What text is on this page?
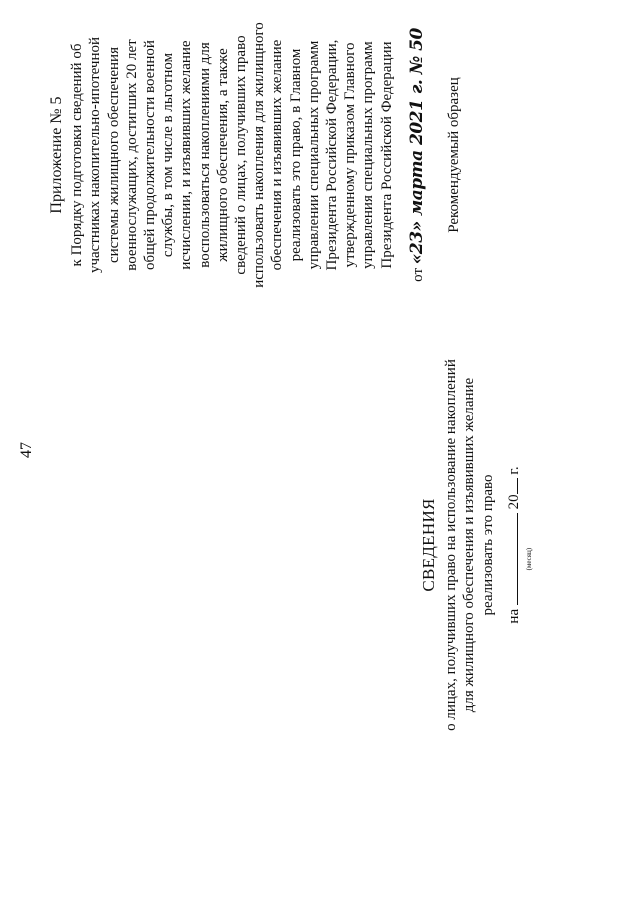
47
Приложение № 5 к Порядку подготовки сведений об участниках накопительно-ипотечной системы жилищного обеспечения военнослужащих, достигших 20 лет общей продолжительности военной службы, в том числе в льготном исчислении, и изъявивших желание воспользоваться накоплениями для жилищного обеспечения, а также сведений о лицах, получивших право использовать накопления для жилищного обеспечения и изъявивших желание реализовать это право, в Главном управлении специальных программ Президента Российской Федерации, утвержденному приказом Главного управления специальных программ Президента Российской Федерации
от «23» марта 2021 г. № 50 Рекомендуемый образец
СВЕДЕНИЯ о лицах, получивших право на использование накоплений для жилищного обеспечения и изъявивших желание реализовать это право
на
(месяц)
20 г.
